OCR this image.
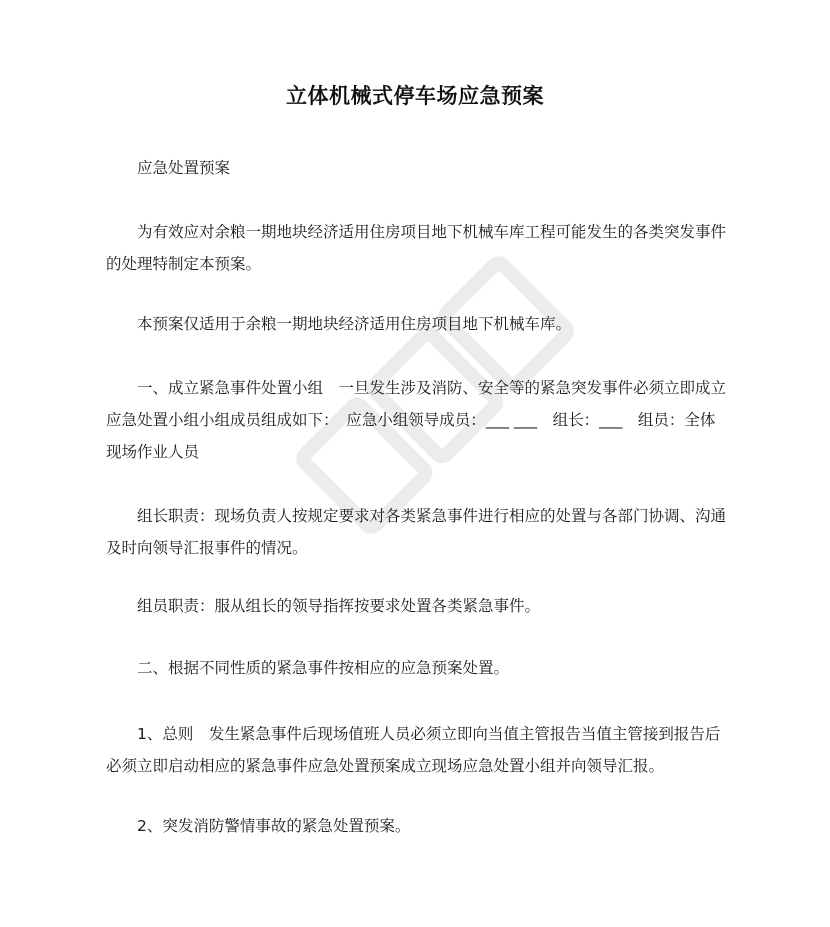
立体机械式停车场应急预案

应急处置预案

为有效应对余粮一期地块经济适用住房项目地下机械车库工程可能发生的各类突发事件的处理特制定本预案。

本预案仅适用于余粮一期地块经济适用住房项目地下机械车库。

一、成立紧急事件处置小组　一旦发生涉及消防、安全等的紧急突发事件必须立即成立应急处置小组小组成员组成如下：　应急小组领导成员：___ ___　组长：___　组员：全体现场作业人员

组长职责：现场负责人按规定要求对各类紧急事件进行相应的处置与各部门协调、沟通及时向领导汇报事件的情况。

组员职责：服从组长的领导指挥按要求处置各类紧急事件。

二、根据不同性质的紧急事件按相应的应急预案处置。

1、总则　发生紧急事件后现场值班人员必须立即向当值主管报告当值主管接到报告后必须立即启动相应的紧急事件应急处置预案成立现场应急处置小组并向领导汇报。

2、突发消防警情事故的紧急处置预案。
